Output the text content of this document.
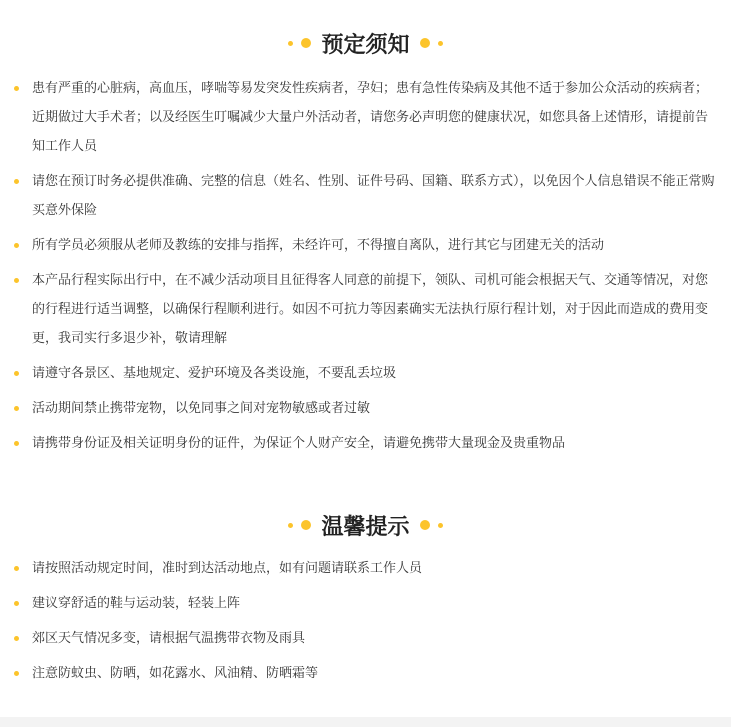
预定须知
患有严重的心脏病，高血压，哮喘等易发突发性疾病者，孕妇；患有急性传染病及其他不适于参加公众活动的疾病者；近期做过大手术者；以及经医生叮嘱减少大量户外活动者，请您务必声明您的健康状况，如您具备上述情形，请提前告知工作人员
请您在预订时务必提供准确、完整的信息（姓名、性别、证件号码、国籍、联系方式），以免因个人信息错误不能正常购买意外保险
所有学员必须服从老师及教练的安排与指挥，未经许可，不得擅自离队，进行其它与团建无关的活动
本产品行程实际出行中，在不减少活动项目且征得客人同意的前提下，领队、司机可能会根据天气、交通等情况，对您的行程进行适当调整，以确保行程顺利进行。如因不可抗力等因素确实无法执行原行程计划，对于因此而造成的费用变更，我司实行多退少补，敬请理解
请遵守各景区、基地规定、爱护环境及各类设施，不要乱丢垃圾
活动期间禁止携带宠物，以免同事之间对宠物敏感或者过敏
请携带身份证及相关证明身份的证件，为保证个人财产安全，请避免携带大量现金及贵重物品
温馨提示
请按照活动规定时间，准时到达活动地点，如有问题请联系工作人员
建议穿舒适的鞋与运动装，轻装上阵
郊区天气情况多变，请根据气温携带衣物及雨具
注意防蚊虫、防晒，如花露水、风油精、防晒霜等
